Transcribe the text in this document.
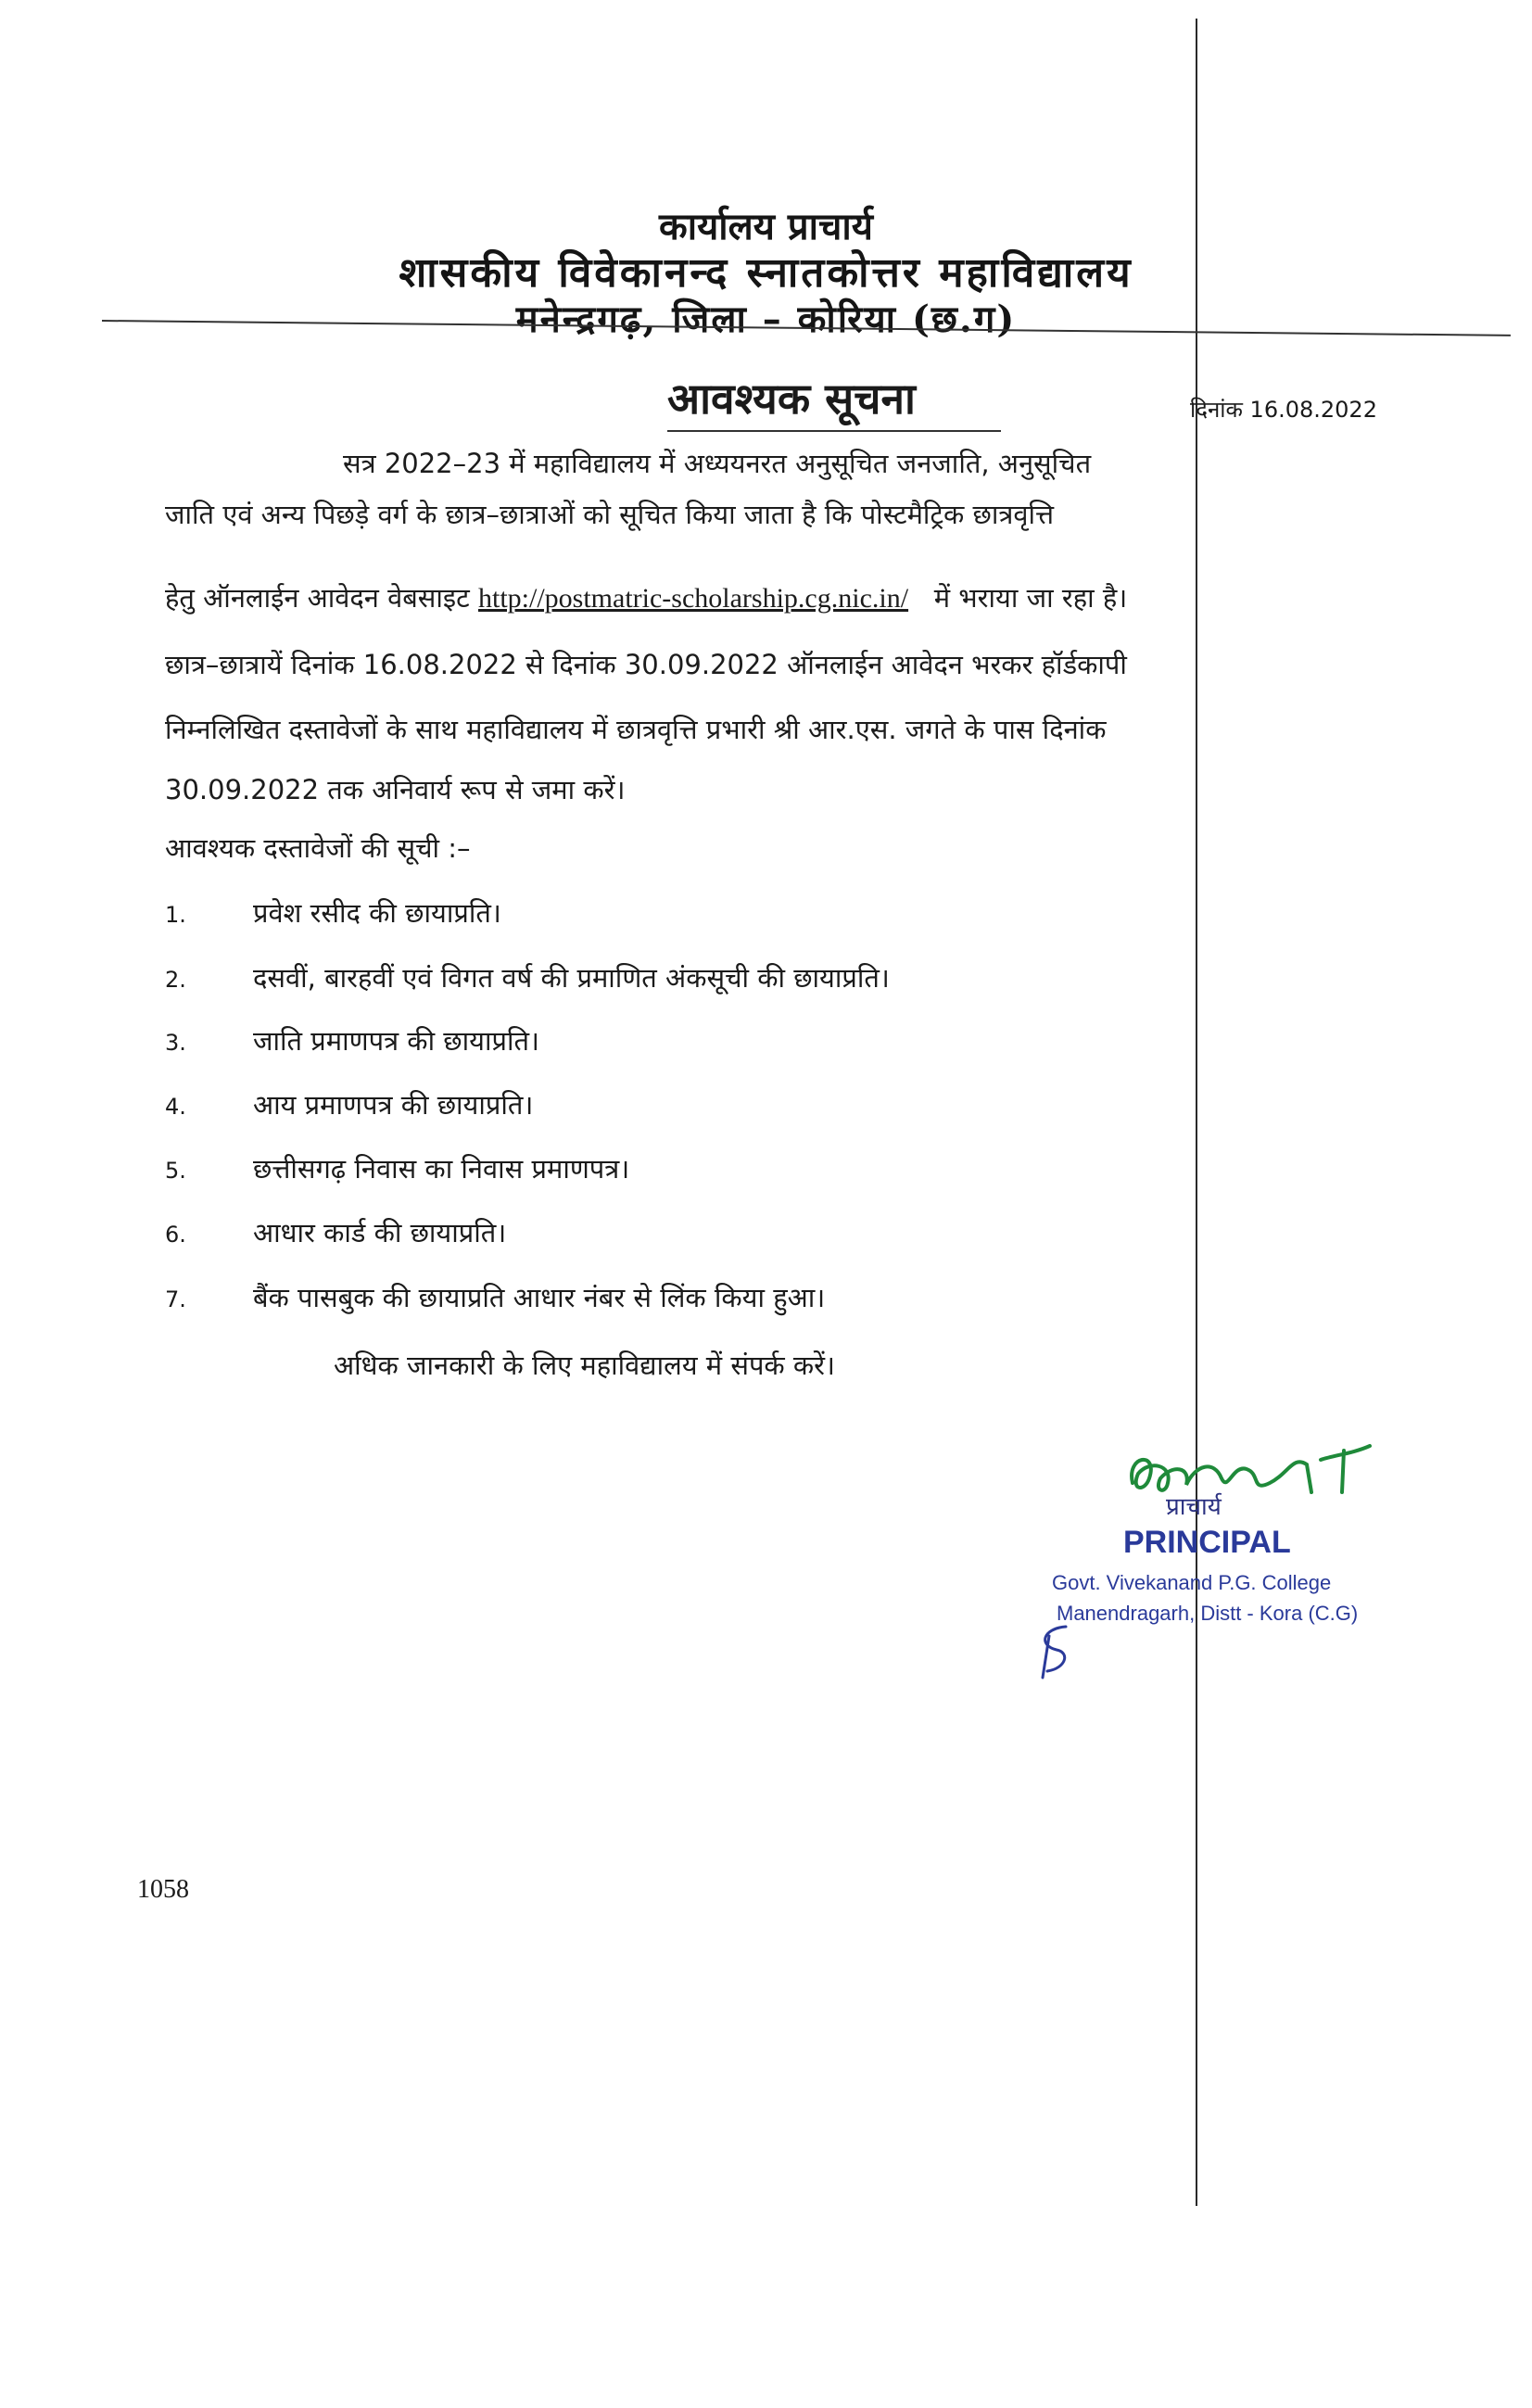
कार्यालय प्राचार्य
शासकीय विवेकानन्द स्नातकोत्तर महाविद्यालय
मनेन्द्रगढ़, जिला – कोरिया (छ.ग)
आवश्यक सूचना	दिनांक 16.08.2022
सत्र 2022–23 में महाविद्यालय में अध्ययनरत अनुसूचित जनजाति, अनुसूचित
जाति एवं अन्य पिछड़े वर्ग के छात्र–छात्राओं को सूचित किया जाता है कि पोस्टमैट्रिक छात्रवृत्ति
हेतु ऑनलाईन आवेदन वेबसाइट http://postmatric-scholarship.cg.nic.in/   में भराया जा रहा है।
छात्र–छात्रायें दिनांक 16.08.2022 से दिनांक 30.09.2022 ऑनलाईन आवेदन भरकर हॉर्डकापी
निम्नलिखित दस्तावेजों के साथ महाविद्यालय में छात्रवृत्ति प्रभारी श्री आर.एस. जगते के पास दिनांक
30.09.2022 तक अनिवार्य रूप से जमा करें।
आवश्यक दस्तावेजों की सूची :–
1. प्रवेश रसीद की छायाप्रति।
2. दसवीं, बारहवीं एवं विगत वर्ष की प्रमाणित अंकसूची की छायाप्रति।
3. जाति प्रमाणपत्र की छायाप्रति।
4. आय प्रमाणपत्र की छायाप्रति।
5. छत्तीसगढ़ निवास का निवास प्रमाणपत्र।
6. आधार कार्ड की छायाप्रति।
7. बैंक पासबुक की छायाप्रति आधार नंबर से लिंक किया हुआ।
अधिक जानकारी के लिए महाविद्यालय में संपर्क करें।
प्राचार्य
PRINCIPAL
Govt. Vivekanand P.G. College
Manendragarh, Distt - Kora (C.G)
1058
